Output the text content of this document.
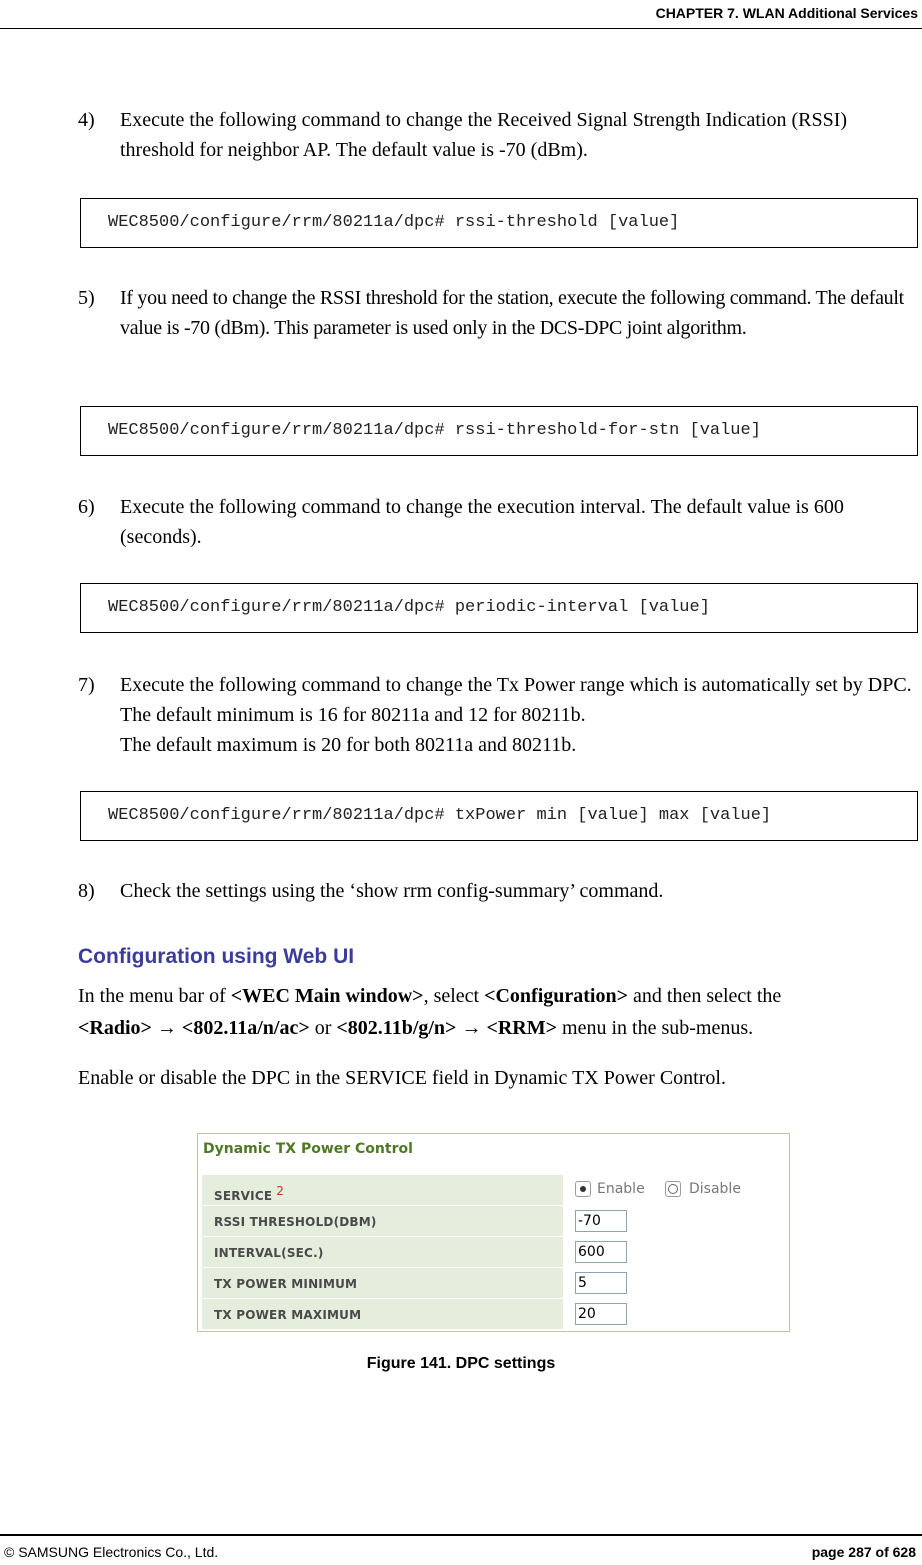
CHAPTER 7. WLAN Additional Services
4) Execute the following command to change the Received Signal Strength Indication (RSSI) threshold for neighbor AP. The default value is -70 (dBm).
WEC8500/configure/rrm/80211a/dpc# rssi-threshold [value]
5) If you need to change the RSSI threshold for the station, execute the following command. The default value is -70 (dBm). This parameter is used only in the DCS-DPC joint algorithm.
WEC8500/configure/rrm/80211a/dpc# rssi-threshold-for-stn [value]
6) Execute the following command to change the execution interval. The default value is 600 (seconds).
WEC8500/configure/rrm/80211a/dpc# periodic-interval [value]
7) Execute the following command to change the Tx Power range which is automatically set by DPC. The default minimum is 16 for 80211a and 12 for 80211b.
The default maximum is 20 for both 80211a and 80211b.
WEC8500/configure/rrm/80211a/dpc# txPower min [value] max [value]
8) Check the settings using the ‘show rrm config-summary’ command.
Configuration using Web UI
In the menu bar of <WEC Main window>, select <Configuration> and then select the
<Radio> → <802.11a/n/ac> or <802.11b/g/n> → <RRM> menu in the sub-menus.
Enable or disable the DPC in the SERVICE field in Dynamic TX Power Control.
Dynamic TX Power Control
SERVICE $^2$	Enable	Disable
RSSI THRESHOLD(DBM)	-70
INTERVAL(SEC.)	600
TX POWER MINIMUM	5
TX POWER MAXIMUM	20
Figure 141. DPC settings
© SAMSUNG Electronics Co., Ltd.	page 287 of 628
